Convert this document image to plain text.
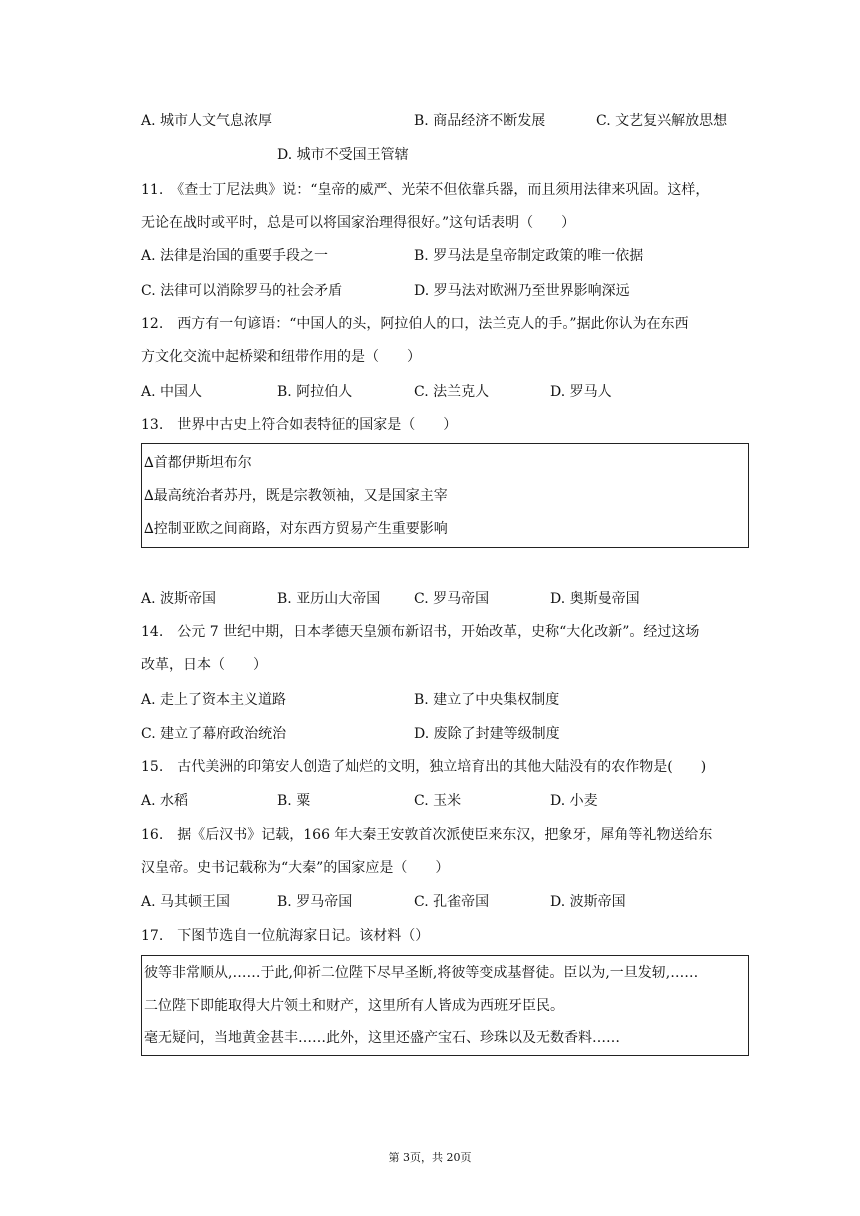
A. 城市人文气息浓厚	B. 商品经济不断发展	C. 文艺复兴解放思想
D. 城市不受国王管辖
11.　《查士丁尼法典》说：“皇帝的威严、光荣不但依靠兵器，而且须用法律来巩固。这样，
无论在战时或平时，总是可以将国家治理得很好。”这句话表明（　　）
A. 法律是治国的重要手段之一	B. 罗马法是皇帝制定政策的唯一依据
C. 法律可以消除罗马的社会矛盾	D. 罗马法对欧洲乃至世界影响深远
12.　西方有一句谚语：“中国人的头，阿拉伯人的口，法兰克人的手。”据此你认为在东西
方文化交流中起桥梁和纽带作用的是（　　）
A. 中国人	B. 阿拉伯人	C. 法兰克人	D. 罗马人
13.　世界中古史上符合如表特征的国家是（　　）
∆首都伊斯坦布尔
∆最高统治者苏丹，既是宗教领袖，又是国家主宰
∆控制亚欧之间商路，对东西方贸易产生重要影响
A. 波斯帝国	B. 亚历山大帝国 C. 罗马帝国	D. 奥斯曼帝国
14.　公元 7 世纪中期，日本孝德天皇颁布新诏书，开始改革，史称“大化改新”。经过这场
改革，日本（　　）
A. 走上了资本主义道路	B. 建立了中央集权制度
C. 建立了幕府政治统治	D. 废除了封建等级制度
15.　古代美洲的印第安人创造了灿烂的文明，独立培育出的其他大陆没有的农作物是(　　)
A. 水稻	B. 粟	C. 玉米	D. 小麦
16.　据《后汉书》记载，166 年大秦王安敦首次派使臣来东汉，把象牙，犀角等礼物送给东
汉皇帝。史书记载称为“大秦”的国家应是（　　）
A. 马其顿王国	B. 罗马帝国	C. 孔雀帝国	D. 波斯帝国
17.　下图节选自一位航海家日记。该材料（）
彼等非常顺从,……于此,仰祈二位陛下尽早圣断,将彼等变成基督徒。臣以为,一旦发轫,……
二位陛下即能取得大片领土和财产，这里所有人皆成为西班牙臣民。
毫无疑问，当地黄金甚丰……此外，这里还盛产宝石、珍珠以及无数香料……
第 3页，共 20页
